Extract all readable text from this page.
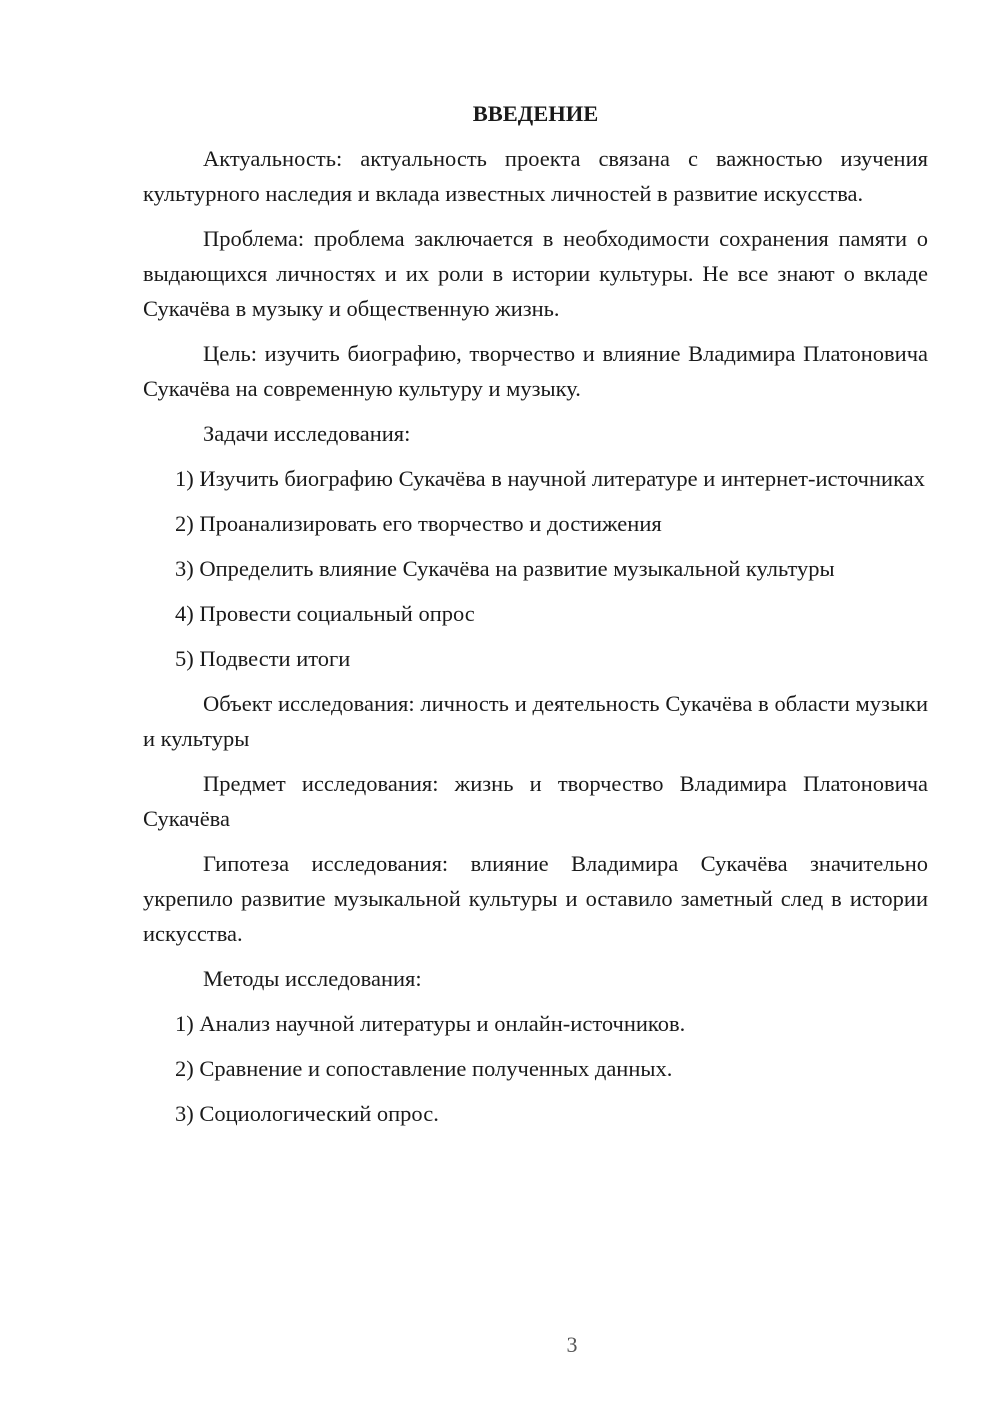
ВВЕДЕНИЕ

Актуальность: актуальность проекта связана с важностью изучения культурного наследия и вклада известных личностей в развитие искусства.

Проблема: проблема заключается в необходимости сохранения памяти о выдающихся личностях и их роли в истории культуры. Не все знают о вкладе Сукачёва в музыку и общественную жизнь.

Цель: изучить биографию, творчество и влияние Владимира Платоновича Сукачёва на современную культуру и музыку.

Задачи исследования:

1) Изучить биографию Сукачёва в научной литературе и интернет-источниках

2) Проанализировать его творчество и достижения

3) Определить влияние Сукачёва на развитие музыкальной культуры

4) Провести социальный опрос

5) Подвести итоги

Объект исследования: личность и деятельность Сукачёва в области музыки и культуры

Предмет исследования: жизнь и творчество Владимира Платоновича Сукачёва

Гипотеза исследования: влияние Владимира Сукачёва значительно укрепило развитие музыкальной культуры и оставило заметный след в истории искусства.

Методы исследования:

1) Анализ научной литературы и онлайн-источников.

2) Сравнение и сопоставление полученных данных.

3) Социологический опрос.

3
